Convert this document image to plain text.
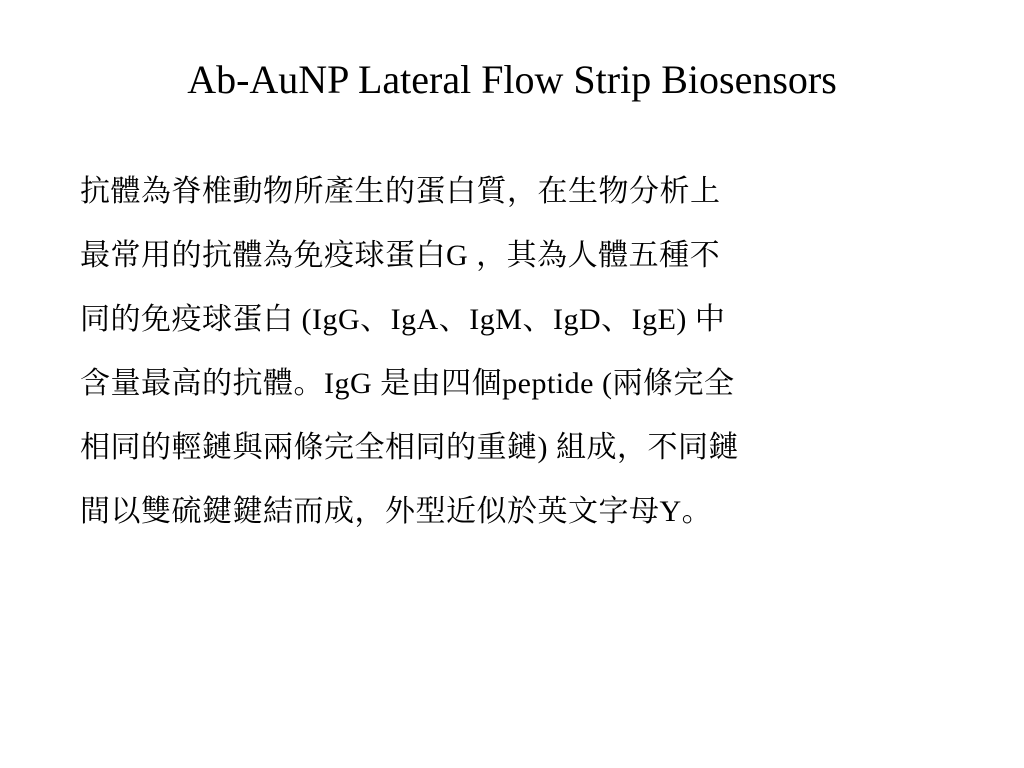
Ab-AuNP Lateral Flow Strip Biosensors
抗體為脊椎動物所產生的蛋白質，在生物分析上
最常用的抗體為免疫球蛋白G ，其為人體五種不
同的免疫球蛋白 (IgG、IgA、IgM、IgD、IgE) 中
含量最高的抗體。IgG 是由四個peptide (兩條完全
相同的輕鏈與兩條完全相同的重鏈) 組成，不同鏈
間以雙硫鍵鍵結而成，外型近似於英文字母Y。
